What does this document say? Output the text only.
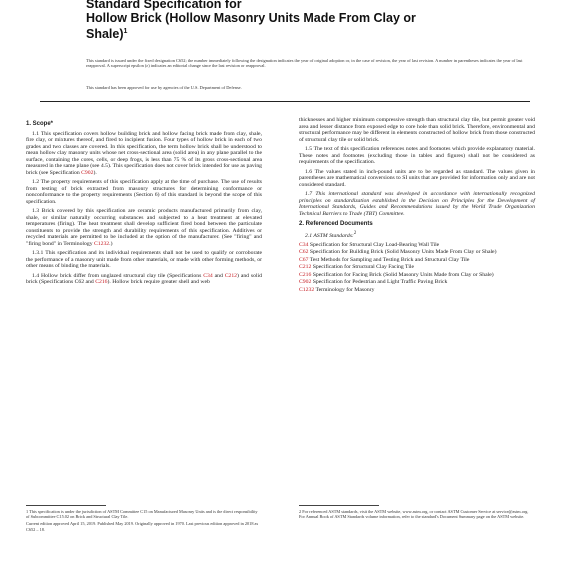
Standard Specification for
Hollow Brick (Hollow Masonry Units Made From Clay or
Shale)$^1$
This standard is issued under the fixed designation C652; the number immediately following the designation indicates the year of original adoption or, in the case of revision, the year of last revision. A number in parentheses indicates the year of last reapproval. A superscript epsilon (ε) indicates an editorial change since the last revision or reapproval.
This standard has been approved for use by agencies of the U.S. Department of Defense.
1. Scope*

1.1 This specification covers hollow building brick and hollow facing brick made from clay, shale, fire clay, or mixtures thereof, and fired to incipient fusion. Four types of hollow brick in each of two grades and two classes are covered. In this specification, the term hollow brick shall be understood to mean hollow clay masonry units whose net cross-sectional area (solid area) in any plane parallel to the surface, containing the cores, cells, or deep frogs, is less than 75 % of its gross cross-sectional area measured in the same plane (see 4.5). This specification does not cover brick intended for use as paving brick (see Specification C902).

1.2 The property requirements of this specification apply at the time of purchase. The use of results from testing of brick extracted from masonry structures for determining conformance or nonconformance to the property requirements (Section 6) of this standard is beyond the scope of this specification.

1.3 Brick covered by this specification are ceramic products manufactured primarily from clay, shale, or similar naturally occurring substances and subjected to a heat treatment at elevated temperatures (firing). The heat treatment shall develop sufficient fired bond between the particulate constituents to provide the strength and durability requirements of this specification. Additives or recycled materials are permitted to be included at the option of the manufacturer. (See "firing" and "firing bond" in Terminology C1232.)

1.3.1 This specification and its individual requirements shall not be used to qualify or corroborate the performance of a masonry unit made from other materials, or made with other forming methods, or other means of binding the materials.

1.4 Hollow brick differ from unglazed structural clay tile (Specifications C34 and C212) and solid brick (Specifications C62 and C216). Hollow brick require greater shell and web

thicknesses and higher minimum compressive strength than structural clay tile, but permit greater void area and lesser distance from exposed edge to core hole than solid brick. Therefore, environmental and structural performance may be different in elements constructed of hollow brick from those constructed of structural clay tile or solid brick.

1.5 The text of this specification references notes and footnotes which provide explanatory material. These notes and footnotes (excluding those in tables and figures) shall not be considered as requirements of the specification.

1.6 The values stated in inch-pound units are to be regarded as standard. The values given in parentheses are mathematical conversions to SI units that are provided for information only and are not considered standard.

1.7 This international standard was developed in accordance with internationally recognized principles on standardization established in the Decision on Principles for the Development of International Standards, Guides and Recommendations issued by the World Trade Organization Technical Barriers to Trade (TBT) Committee.

2. Referenced Documents

2.1 ASTM Standards:$^2$

C34 Specification for Structural Clay Load-Bearing Wall Tile
C62 Specification for Building Brick (Solid Masonry Units Made From Clay or Shale)
C67 Test Methods for Sampling and Testing Brick and Structural Clay Tile
C212 Specification for Structural Clay Facing Tile
C216 Specification for Facing Brick (Solid Masonry Units Made from Clay or Shale)
C902 Specification for Pedestrian and Light Traffic Paving Brick
C1232 Terminology for Masonry
1 This specification is under the jurisdiction of ASTM Committee C15 on Manufactured Masonry Units and is the direct responsibility of Subcommittee C15.02 on Brick and Structural Clay Tile.
Current edition approved April 15, 2019. Published May 2019. Originally approved in 1970. Last previous edition approved in 2018 as C652 – 18.
2 For referenced ASTM standards, visit the ASTM website, www.astm.org, or contact ASTM Customer Service at service@astm.org. For Annual Book of ASTM Standards volume information, refer to the standard's Document Summary page on the ASTM website.
